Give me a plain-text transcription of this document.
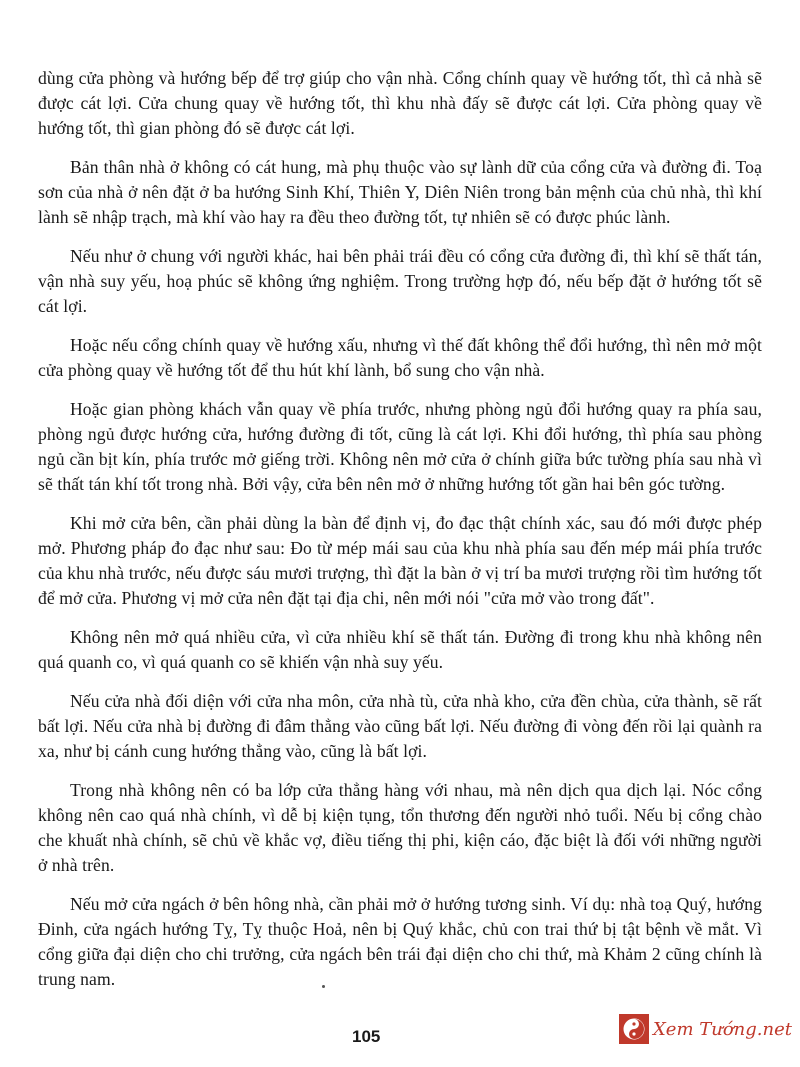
dùng cửa phòng và hướng bếp để trợ giúp cho vận nhà. Cổng chính quay về hướng tốt, thì cả nhà sẽ được cát lợi. Cửa chung quay về hướng tốt, thì khu nhà đấy sẽ được cát lợi. Cửa phòng quay về hướng tốt, thì gian phòng đó sẽ được cát lợi.

Bản thân nhà ở không có cát hung, mà phụ thuộc vào sự lành dữ của cổng cửa và đường đi. Toạ sơn của nhà ở nên đặt ở ba hướng Sinh Khí, Thiên Y, Diên Niên trong bản mệnh của chủ nhà, thì khí lành sẽ nhập trạch, mà khí vào hay ra đều theo đường tốt, tự nhiên sẽ có được phúc lành.

Nếu như ở chung với người khác, hai bên phải trái đều có cổng cửa đường đi, thì khí sẽ thất tán, vận nhà suy yếu, hoạ phúc sẽ không ứng nghiệm. Trong trường hợp đó, nếu bếp đặt ở hướng tốt sẽ cát lợi.

Hoặc nếu cổng chính quay về hướng xấu, nhưng vì thế đất không thể đổi hướng, thì nên mở một cửa phòng quay về hướng tốt để thu hút khí lành, bổ sung cho vận nhà.

Hoặc gian phòng khách vẫn quay về phía trước, nhưng phòng ngủ đổi hướng quay ra phía sau, phòng ngủ được hướng cửa, hướng đường đi tốt, cũng là cát lợi. Khi đổi hướng, thì phía sau phòng ngủ cần bịt kín, phía trước mở giếng trời. Không nên mở cửa ở chính giữa bức tường phía sau nhà vì sẽ thất tán khí tốt trong nhà. Bởi vậy, cửa bên nên mở ở những hướng tốt gần hai bên góc tường.

Khi mở cửa bên, cần phải dùng la bàn để định vị, đo đạc thật chính xác, sau đó mới được phép mở. Phương pháp đo đạc như sau: Đo từ mép mái sau của khu nhà phía sau đến mép mái phía trước của khu nhà trước, nếu được sáu mươi trượng, thì đặt la bàn ở vị trí ba mươi trượng rồi tìm hướng tốt để mở cửa. Phương vị mở cửa nên đặt tại địa chi, nên mới nói "cửa mở vào trong đất".

Không nên mở quá nhiều cửa, vì cửa nhiều khí sẽ thất tán. Đường đi trong khu nhà không nên quá quanh co, vì quá quanh co sẽ khiến vận nhà suy yếu.

Nếu cửa nhà đối diện với cửa nha môn, cửa nhà tù, cửa nhà kho, cửa đền chùa, cửa thành, sẽ rất bất lợi. Nếu cửa nhà bị đường đi đâm thẳng vào cũng bất lợi. Nếu đường đi vòng đến rồi lại quành ra xa, như bị cánh cung hướng thẳng vào, cũng là bất lợi.

Trong nhà không nên có ba lớp cửa thẳng hàng với nhau, mà nên dịch qua dịch lại. Nóc cổng không nên cao quá nhà chính, vì dễ bị kiện tụng, tổn thương đến người nhỏ tuổi. Nếu bị cổng chào che khuất nhà chính, sẽ chủ về khắc vợ, điều tiếng thị phi, kiện cáo, đặc biệt là đối với những người ở nhà trên.

Nếu mở cửa ngách ở bên hông nhà, cần phải mở ở hướng tương sinh. Ví dụ: nhà toạ Quý, hướng Đinh, cửa ngách hướng Tỵ, Tỵ thuộc Hoả, nên bị Quý khắc, chủ con trai thứ bị tật bệnh về mắt. Vì cổng giữa đại diện cho chi trưởng, cửa ngách bên trái đại diện cho chi thứ, mà Khảm 2 cũng chính là trung nam.

105	Xem Tướng.net
